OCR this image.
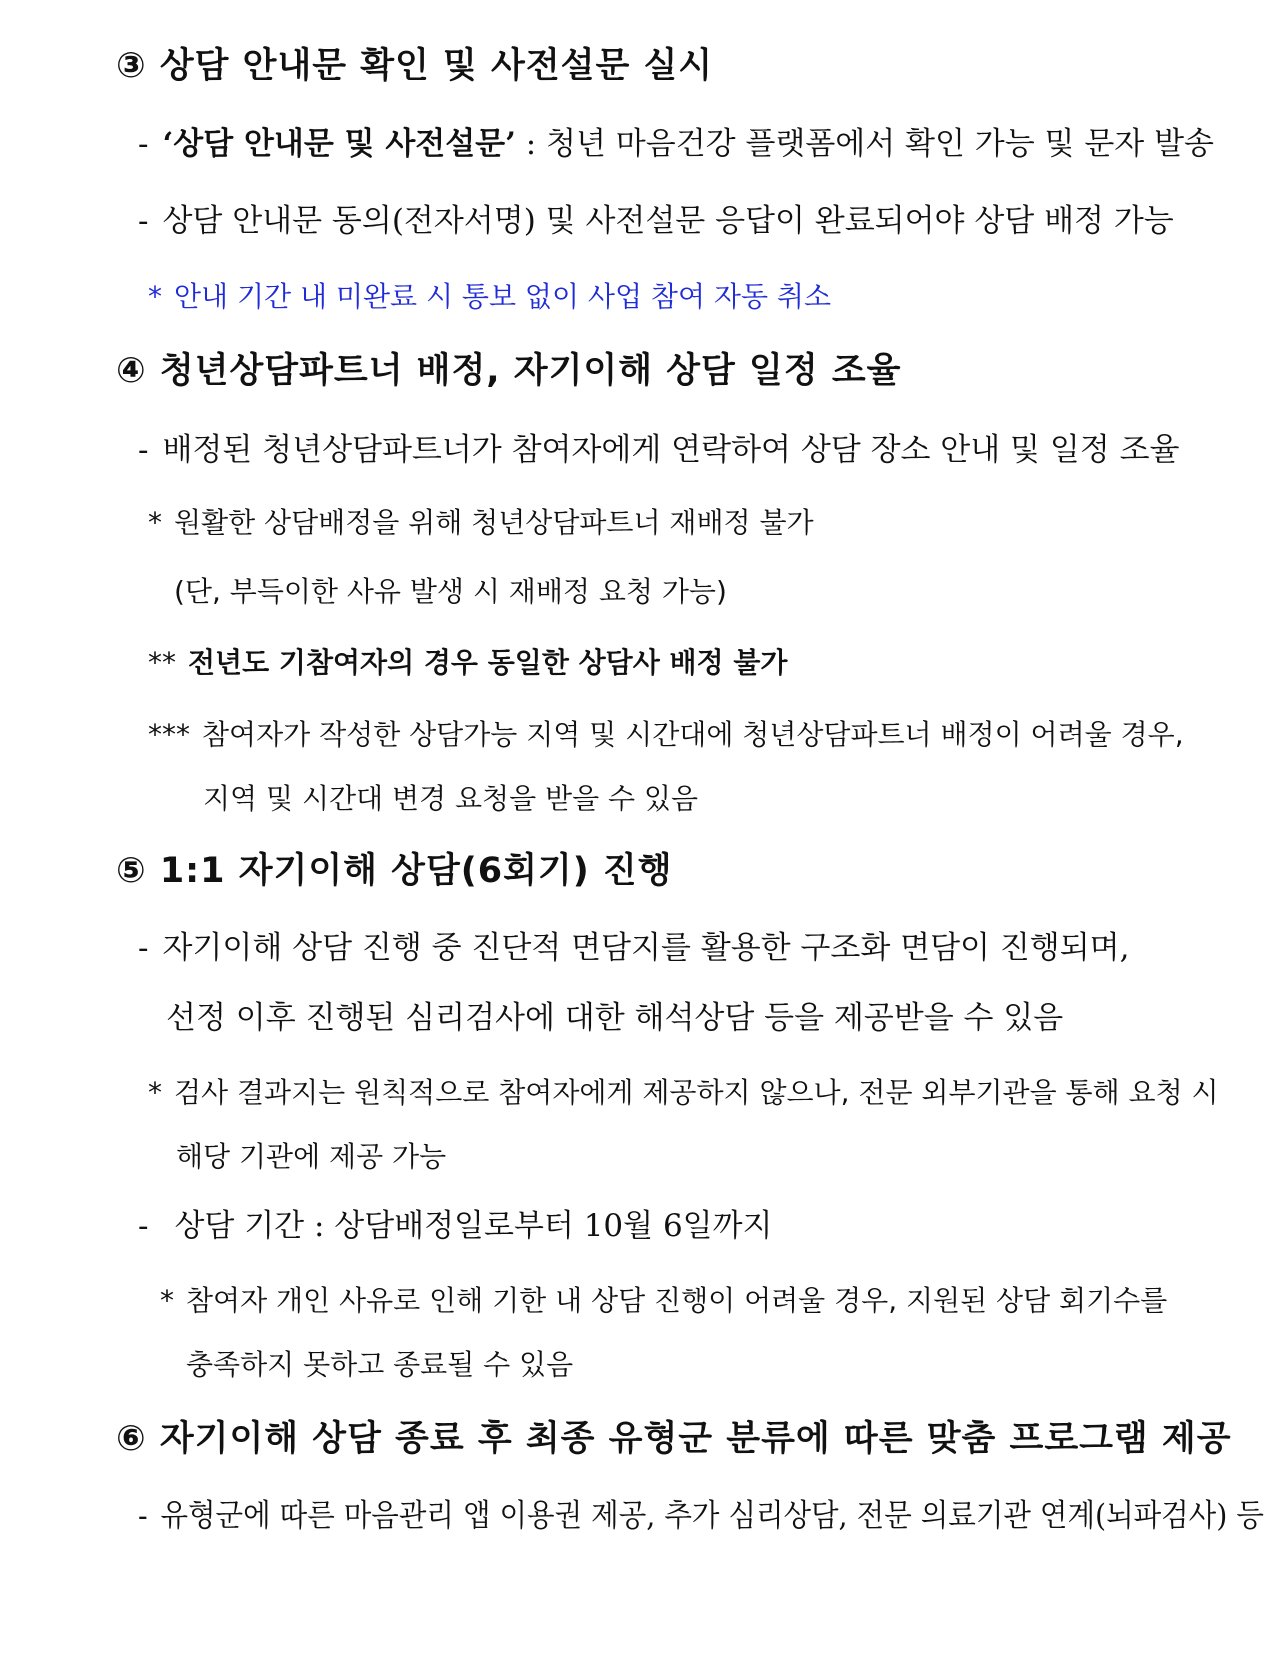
③ 상담 안내문 확인 및 사전설문 실시
- ‘상담 안내문 및 사전설문’ : 청년 마음건강 플랫폼에서 확인 가능 및 문자 발송
- 상담 안내문 동의(전자서명) 및 사전설문 응답이 완료되어야 상담 배정 가능
* 안내 기간 내 미완료 시 통보 없이 사업 참여 자동 취소
④ 청년상담파트너 배정, 자기이해 상담 일정 조율
- 배정된 청년상담파트너가 참여자에게 연락하여 상담 장소 안내 및 일정 조율
* 원활한 상담배정을 위해 청년상담파트너 재배정 불가
(단, 부득이한 사유 발생 시 재배정 요청 가능)
** 전년도 기참여자의 경우 동일한 상담사 배정 불가
*** 참여자가 작성한 상담가능 지역 및 시간대에 청년상담파트너 배정이 어려울 경우,
지역 및 시간대 변경 요청을 받을 수 있음
⑤ 1:1 자기이해 상담(6회기) 진행
- 자기이해 상담 진행 중 진단적 면담지를 활용한 구조화 면담이 진행되며,
선정 이후 진행된 심리검사에 대한 해석상담 등을 제공받을 수 있음
* 검사 결과지는 원칙적으로 참여자에게 제공하지 않으나, 전문 외부기관을 통해 요청 시
해당 기관에 제공 가능
- 상담 기간 : 상담배정일로부터 10월 6일까지
* 참여자 개인 사유로 인해 기한 내 상담 진행이 어려울 경우, 지원된 상담 회기수를
충족하지 못하고 종료될 수 있음
⑥ 자기이해 상담 종료 후 최종 유형군 분류에 따른 맞춤 프로그램 제공
- 유형군에 따른 마음관리 앱 이용권 제공, 추가 심리상담, 전문 의료기관 연계(뇌파검사) 등
